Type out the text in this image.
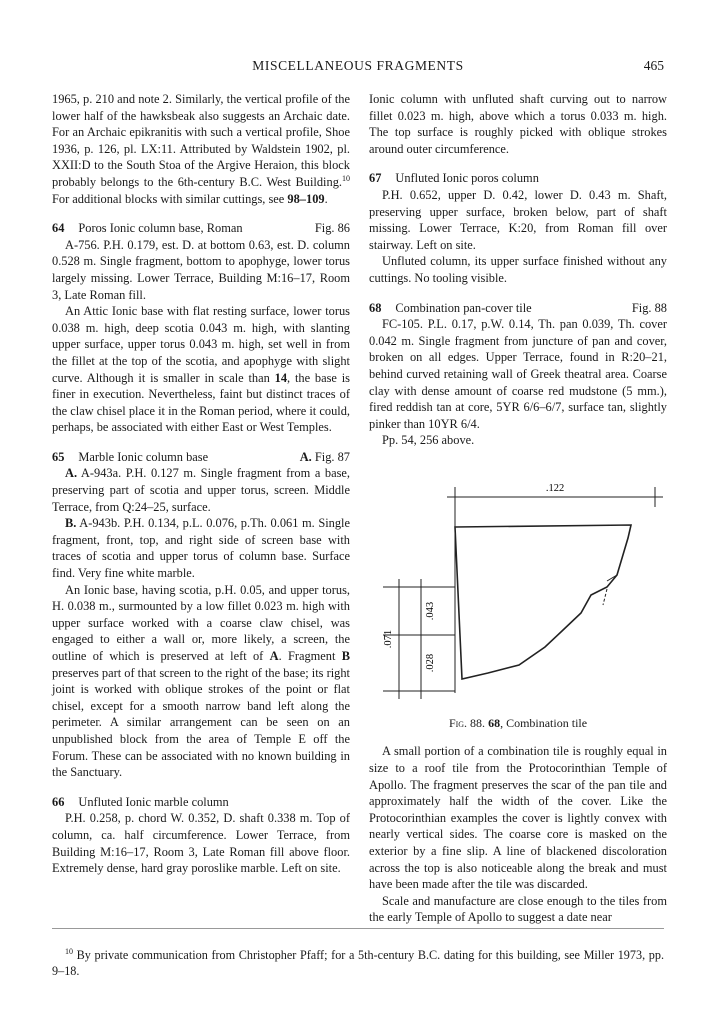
MISCELLANEOUS FRAGMENTS	465

1965, p. 210 and note 2. Similarly, the vertical profile of the lower half of the hawksbeak also suggests an Archaic date. For an Archaic epikranitis with such a vertical profile, Shoe 1936, p. 126, pl. LX:11. Attributed by Waldstein 1902, pl. XXII:D to the South Stoa of the Argive Heraion, this block probably belongs to the 6th-century B.C. West Building.$^{10}$ For additional blocks with similar cuttings, see 98–109.

64 Poros Ionic column base, Roman	Fig. 86

A-756. P.H. 0.179, est. D. at bottom 0.63, est. D. column 0.528 m. Single fragment, bottom to apophyge, lower torus largely missing. Lower Terrace, Building M:16–17, Room 3, Late Roman fill.

An Attic Ionic base with flat resting surface, lower torus 0.038 m. high, deep scotia 0.043 m. high, with slanting upper surface, upper torus 0.043 m. high, set well in from the fillet at the top of the scotia, and apophyge with slight curve. Although it is smaller in scale than 14, the base is finer in execution. Nevertheless, faint but distinct traces of the claw chisel place it in the Roman period, where it could, perhaps, be associated with either East or West Temples.

65 Marble Ionic column base	A. Fig. 87

A. A-943a. P.H. 0.127 m. Single fragment from a base, preserving part of scotia and upper torus, screen. Middle Terrace, from Q:24–25, surface.

B. A-943b. P.H. 0.134, p.L. 0.076, p.Th. 0.061 m. Single fragment, front, top, and right side of screen base with traces of scotia and upper torus of column base. Surface find. Very fine white marble.

An Ionic base, having scotia, p.H. 0.05, and upper torus, H. 0.038 m., surmounted by a low fillet 0.023 m. high with upper surface worked with a coarse claw chisel, was engaged to either a wall or, more likely, a screen, the outline of which is preserved at left of A. Fragment B preserves part of that screen to the right of the base; its right joint is worked with oblique strokes of the point or flat chisel, except for a smooth narrow band left along the perimeter. A similar arrangement can be seen on an unpublished block from the area of Temple E off the Forum. These can be associated with no known building in the Sanctuary.

66 Unfluted Ionic marble column

P.H. 0.258, p. chord W. 0.352, D. shaft 0.338 m. Top of column, ca. half circumference. Lower Terrace, from Building M:16–17, Room 3, Late Roman fill above floor. Extremely dense, hard gray poroslike marble. Left on site.

Ionic column with unfluted shaft curving out to narrow fillet 0.023 m. high, above which a torus 0.033 m. high. The top surface is roughly picked with oblique strokes around outer circumference.

67 Unfluted Ionic poros column

P.H. 0.652, upper D. 0.42, lower D. 0.43 m. Shaft, preserving upper surface, broken below, part of shaft missing. Lower Terrace, K:20, from Roman fill over stairway. Left on site.

Unfluted column, its upper surface finished without any cuttings. No tooling visible.

68 Combination pan-cover tile	Fig. 88

FC-105. P.L. 0.17, p.W. 0.14, Th. pan 0.039, Th. cover 0.042 m. Single fragment from juncture of pan and cover, broken on all edges. Upper Terrace, found in R:20–21, behind curved retaining wall of Greek theatral area. Coarse clay with dense amount of coarse red mudstone (5 mm.), fired reddish tan at core, 5YR 6/6–6/7, surface tan, slightly pinker than 10YR 6/4.

Pp. 54, 256 above.

.122
.071
.043
.028
Fig. 88. 68, Combination tile

A small portion of a combination tile is roughly equal in size to a roof tile from the Protocorinthian Temple of Apollo. The fragment preserves the scar of the pan tile and approximately half the width of the cover. Like the Protocorinthian examples the cover is lightly convex with nearly vertical sides. The coarse core is masked on the exterior by a fine slip. A line of blackened discoloration across the top is also noticeable along the break and must have been made after the tile was discarded.

Scale and manufacture are close enough to the tiles from the early Temple of Apollo to suggest a date near

$^{10}$ By private communication from Christopher Pfaff; for a 5th-century B.C. dating for this building, see Miller 1973, pp. 9–18.
